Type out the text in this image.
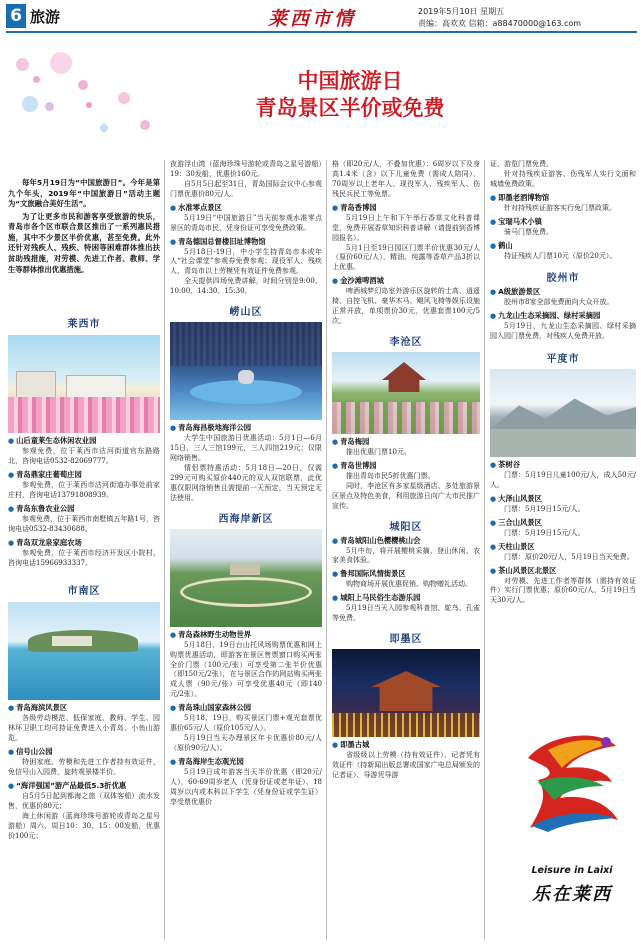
6 旅游	莱西市情	2019年5月10日 星期五
责编：高欢欢 信箱：a88470000@163.com
中国旅游日
青岛景区半价或免费

每年5月19日为“中国旅游日”。今年是第九个年头，2019年“中国旅游日”活动主题为“文旅融合美好生活”。

为了让更多市民和游客享受旅游的快乐，青岛市各个区市联合景区推出了一系列惠民措施，其中不少景区半价优惠，甚至免费。此外还针对残疾人、残疾、特困等困难群体推出扶贫助残措施，对劳模、先进工作者、教师、学生等群体推出优惠措施。

莱西市

● 山后童莱生态休闲农业园

参观免费，位于莱西市沽河街道官东路路北，咨询电话0532-82069777。

● 青岛鼎家庄葡萄庄园

参观免费，位于莱西市沽河街道办事处前家庄村，咨询电话13791808939。

● 青岛东鲁农业公园

参观免费，位于莱西市南墅镇五年路1号，咨询电话0532-83430688。

● 青岛双龙泉家庭农场

参观免费，位于莱西市经济开发区小院村，咨询电话15966933337。

市南区

● 青岛海滨风景区

各级劳动模范、低保家庭、教师、学生、园林环卫职工均可持证免费进入小青岛、小鱼山游览。

● 信号山公园

特困家庭、劳模和先进工作者持有效证件，免信号山入园费，旋转观景楼半价。

● “海洋强国”游产品最低5.3折优惠

自5月5日起到都海之旅（双体客船）流水发售，优惠价80元；

海上休闲游（蓝海珍珠号游轮或青岛之星号游船）周六、周日10：30、15：00发船，优惠价100元；

夜游浮山湾（蓝海珍珠号游轮或青岛之星号游船）19：30发船，优惠价160元。

自5月5日起至31日，青岛国际会议中心参观门票优惠价80元/人。

● 水准零点景区

5月19日“中国旅游日”当天前参观水准零点景区的青岛市民，凭身份证可享受免费政策。

● 青岛德国总督楼旧址博物馆

5月18日-19日，中小学生持青岛市本或年人“社会课堂”参观券免费参观；现役军人、残疾人、青岛市以上劳模凭有效证件免费参观。

全天提供四场免费讲解，时间分别是9:00、10:00、14:30、15:30。

崂山区

● 青岛海昌极地海洋公园

大学生中国旅游日优惠活动：5月1日—6月15日，三人三馆199元，三人四馆219元；仅限网络销售。

情侣票特惠活动：5月18日—20日，仅需299元可购买原价440元的双人双馆联票，此优惠仅限网络销售且需提前一天预定，当天预定无法使用。

西海岸新区

● 青岛森林野生动物世界

5月18日、19日台山托风场购票优惠和网上购票优惠活动，即游客在景区售票窗口购买两张全价门票（100元/张）可享受第二张半价优惠（即150元/2张），在与景区合作的网站购买两张成人票（90元/张）可享受优惠40元（即140元/2张）。

● 青岛珠山国家森林公园

5月18、19日，购买景区门票+观光套票优惠价65元/人（原价105元/人）。

5月19日当天办理景区年卡优惠价80元/人（原价90元/人）。

● 青岛海岸生态观光园

5月19日成年游客当天半价优惠（即20元/人），60-69周岁老人（凭身份证或老年证）、18周岁以内或本科以下学生（凭身份证或学生证）享受票优惠价

格（即20元/人，不叠加优惠）；6周岁以下及身高1.4米（含）以下儿童免费（需成人陪同），70周岁以上老年人、现役军人、残疾军人、伤残民兵民工等免票。

● 青岛香博园

5月19日上午和下午举行香草文化科普课堂，免费开展香草知识科普讲解（请提前到香博园报名）。

5月1日至19日园区门票半价优惠30元/人（原价60元/人），精油、纯露等香草产品3折以上优惠。

● 金沙滩啤酒城

啤酒城梦幻岛室外游乐区旋转的士高、逍遥椅、自控飞机、豪华木马、飓风飞椅等娱乐设施正常开放，单项票价30元，优惠套票100元/5次。

李沧区

● 青岛梅园

推出优惠门票10元。

● 青岛世博园

推出青岛市民5折优惠门票。

同时，李沧区有多家星级酒店、多处旅游景区景点及特色美食，利用旅游日向广大市民推广宣传。

城阳区

● 青岛城阳山色樱樱桃山会

5月中旬，将开展樱桃采摘、登山休闲、农家美食体验。

● 鲁邦国际风情街景区

购物商场开展优惠促销、购物赠礼活动。

● 城阳上马民俗生态游乐园

5月19日当天入园参观科普馆、鸵鸟、孔雀等免费。

即墨区

● 即墨古城

省级级以上劳模（持有效证件）、记者凭有效证件（持新闻出版总署或国家广电总局颁发的记者证）、导游凭导游

证、游览门票免费。

针对持残疾证游客、伤残军人实行文面和城墙免费政策。

● 即墨老酒博物馆

针对持残疾证游客实行免门票政策。

● 宝瑞马术小镇

骑马门票免费。

● 鹤山

持证残疾人门票10元（原价20元）。

胶州市

● A级旅游景区

胶州市8家全部免费面向大众开放。

● 九龙山生态采摘园、绿村采摘园

5月19日，九龙山生态采摘园、绿村采摘园入园门票免费，对残疾人免费开放。

平度市

● 茶树谷

门票：5月19日儿童100元/人，成人50元/人。

● 大泽山风景区

门票：5月19日15元/人。

● 三合山风景区

门票：5月19日15元/人。

● 天柱山景区

门票：原价20元/人，5月19日当天免费。

● 茶山风景区北景区

对劳模、先进工作者等群体（需持有效证件）实行门票优惠；原价60元/人，5月19日当天30元/人。

Leisure in Laixi
乐在莱西
